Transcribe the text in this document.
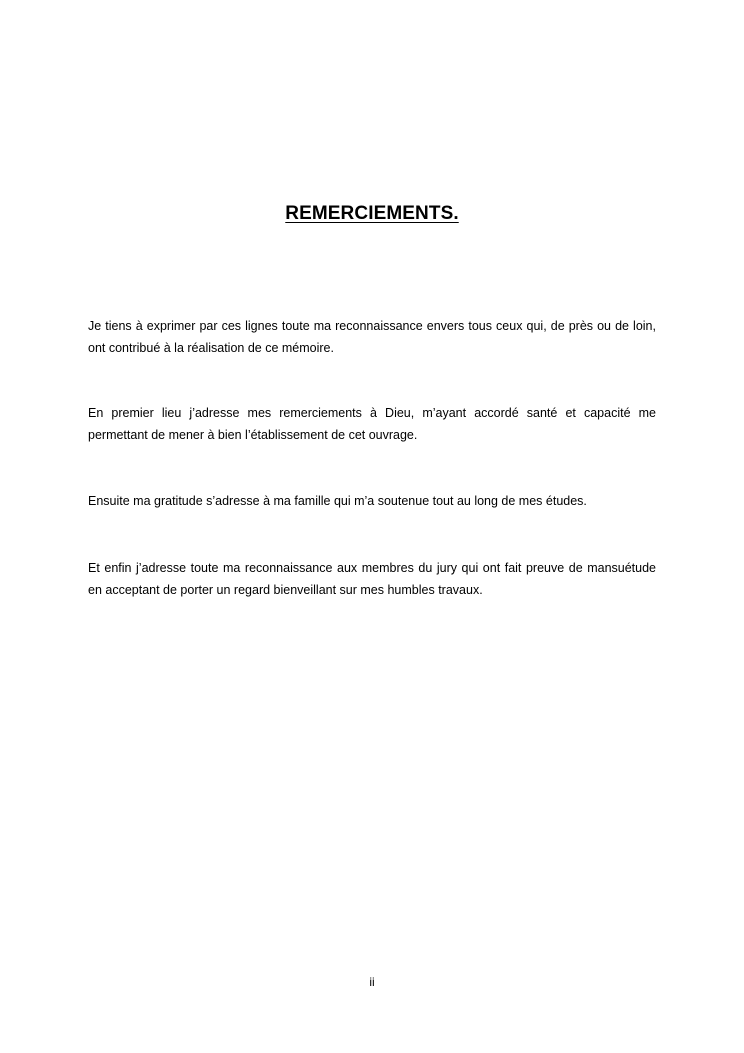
REMERCIEMENTS.

Je tiens à exprimer par ces lignes toute ma reconnaissance envers tous ceux qui, de près ou de loin, ont contribué à la réalisation de ce mémoire.

En premier lieu j’adresse mes remerciements à Dieu, m’ayant accordé santé et capacité me permettant de mener à bien l’établissement de cet ouvrage.

Ensuite ma gratitude s’adresse à ma famille qui m’a soutenue tout au long de mes études.

Et enfin j’adresse toute ma reconnaissance aux membres du jury qui ont fait preuve de mansuétude en acceptant de porter un regard bienveillant sur mes humbles travaux.

ii
